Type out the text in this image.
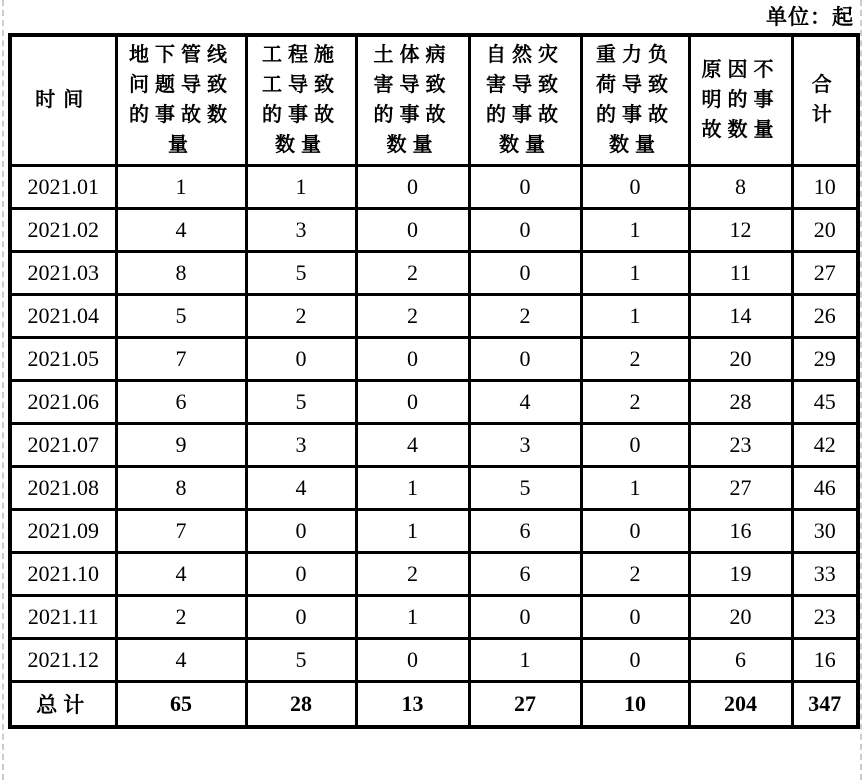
单位：起
时间	地下管线问题导致的事故数量	工程施工导致的事故数量	土体病害导致的事故数量	自然灾害导致的事故数量	重力负荷导致的事故数量	原因不明的事故数量	合计
2021.01	1	1	0	0	0	8	10
2021.02	4	3	0	0	1	12	20
2021.03	8	5	2	0	1	11	27
2021.04	5	2	2	2	1	14	26
2021.05	7	0	0	0	2	20	29
2021.06	6	5	0	4	2	28	45
2021.07	9	3	4	3	0	23	42
2021.08	8	4	1	5	1	27	46
2021.09	7	0	1	6	0	16	30
2021.10	4	0	2	6	2	19	33
2021.11	2	0	1	0	0	20	23
2021.12	4	5	0	1	0	6	16
总计	65	28	13	27	10	204	347
